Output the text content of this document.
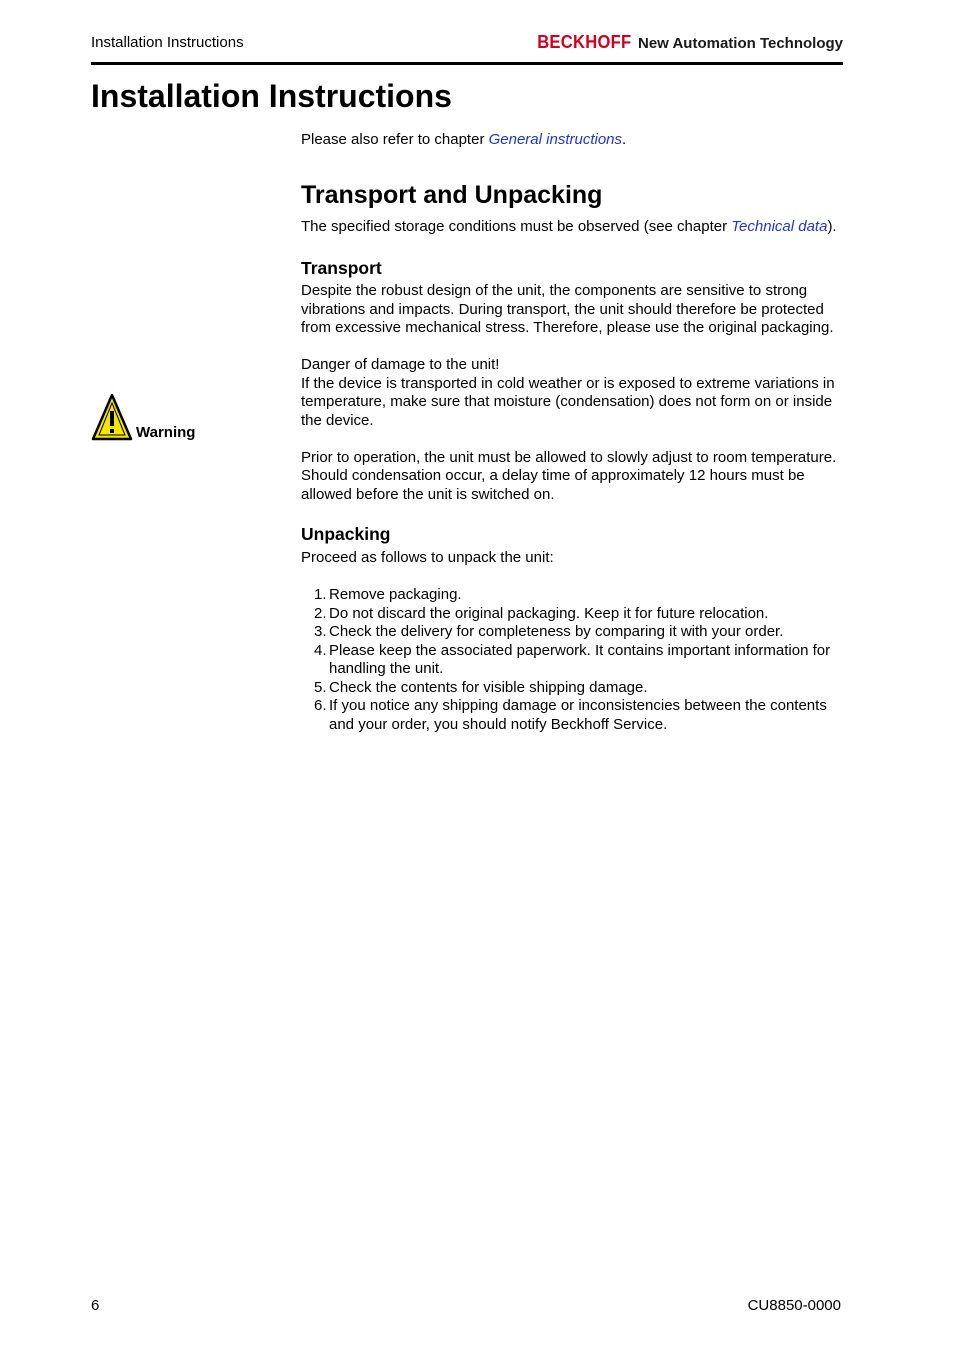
Installation Instructions	BECKHOFF New Automation Technology
Installation Instructions
Warning

Please also refer to chapter General instructions.

Transport and Unpacking

The specified storage conditions must be observed (see chapter Technical data).

Transport

Despite the robust design of the unit, the components are sensitive to strong vibrations and impacts. During transport, the unit should therefore be protected from excessive mechanical stress. Therefore, please use the original packaging.

Danger of damage to the unit!

If the device is transported in cold weather or is exposed to extreme variations in temperature, make sure that moisture (condensation) does not form on or inside the device.

Prior to operation, the unit must be allowed to slowly adjust to room temperature. Should condensation occur, a delay time of approximately 12 hours must be allowed before the unit is switched on.

Unpacking

Proceed as follows to unpack the unit:

1. Remove packaging.
2. Do not discard the original packaging. Keep it for future relocation.
3. Check the delivery for completeness by comparing it with your order.
4. Please keep the associated paperwork. It contains important information for handling the unit.
5. Check the contents for visible shipping damage.
6. If you notice any shipping damage or inconsistencies between the contents and your order, you should notify Beckhoff Service.
6	CU8850-0000
